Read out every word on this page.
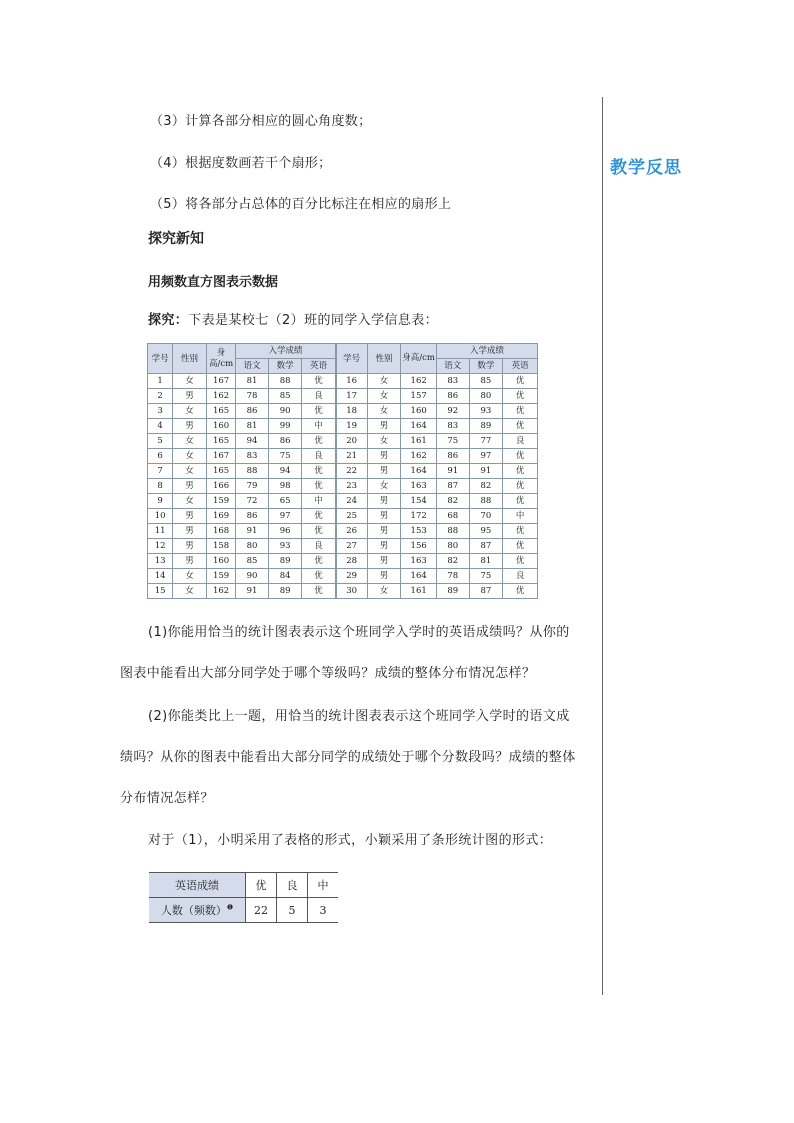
（3）计算各部分相应的圆心角度数；
（4）根据度数画若干个扇形；
（5）将各部分占总体的百分比标注在相应的扇形上
教学反思
探究新知
用频数直方图表示数据
探究：下表是某校七（2）班的同学入学信息表：
学号	性别	身高/cm	入学成绩			学号	性别	身高/cm	入学成绩		
			语文	数学	英语				语文	数学	英语
1	女	167	81	88	优	16	女	162	83	85	优
2	男	162	78	85	良	17	女	157	86	80	优
3	女	165	86	90	优	18	女	160	92	93	优
4	男	160	81	99	中	19	男	164	83	89	优
5	女	165	94	86	优	20	女	161	75	77	良
6	女	167	83	75	良	21	男	162	86	97	优
7	女	165	88	94	优	22	男	164	91	91	优
8	男	166	79	98	优	23	女	163	87	82	优
9	女	159	72	65	中	24	男	154	82	88	优
10	男	169	86	97	优	25	男	172	68	70	中
11	男	168	91	96	优	26	男	153	88	95	优
12	男	158	80	93	良	27	男	156	80	87	优
13	男	160	85	89	优	28	男	163	82	81	优
14	女	159	90	84	优	29	男	164	78	75	良
15	女	162	91	89	优	30	女	161	89	87	优
(1)你能用恰当的统计图表表示这个班同学入学时的英语成绩吗？从你的
图表中能看出大部分同学处于哪个等级吗？成绩的整体分布情况怎样？
(2)你能类比上一题，用恰当的统计图表表示这个班同学入学时的语文成
绩吗？从你的图表中能看出大部分同学的成绩处于哪个分数段吗？成绩的整体
分布情况怎样？
对于（1），小明采用了表格的形式，小颖采用了条形统计图的形式：
英语成绩	优	良	中
人数（频数）$^❶$	22	5	3
